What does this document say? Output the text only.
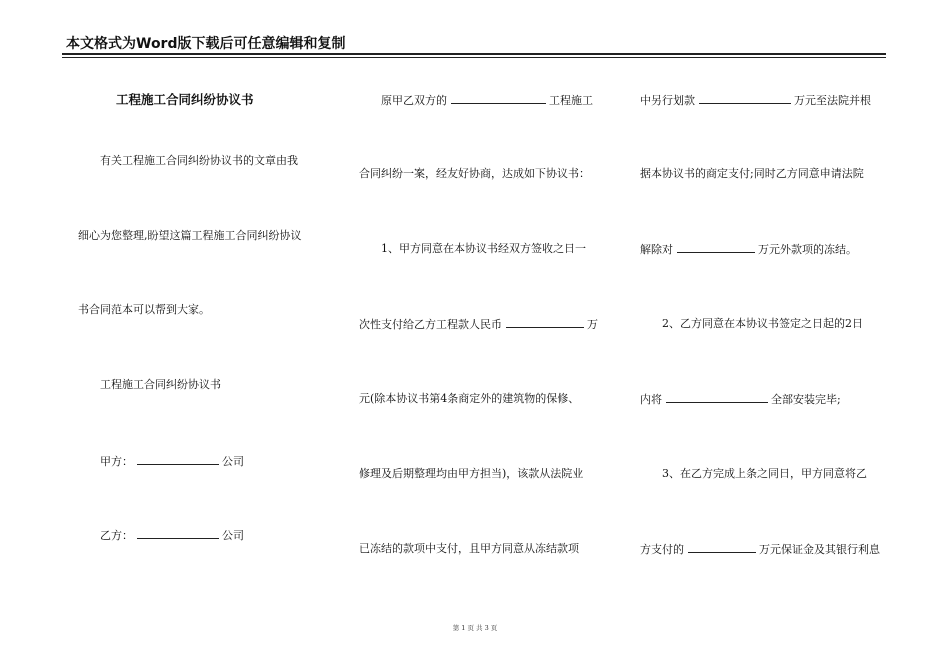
本文格式为Word版下载后可任意编辑和复制
工程施工合同纠纷协议书
有关工程施工合同纠纷协议书的文章由我
细心为您整理,盼望这篇工程施工合同纠纷协议
书合同范本可以帮到大家。
工程施工合同纠纷协议书
甲方：	公司
乙方：	公司
原甲乙双方的	工程施工
合同纠纷一案，经友好协商，达成如下协议书：
1、甲方同意在本协议书经双方签收之日一
次性支付给乙方工程款人民币	万
元(除本协议书第4条商定外的建筑物的保修、
修理及后期整理均由甲方担当)，该款从法院业
已冻结的款项中支付，且甲方同意从冻结款项
中另行划款	万元至法院并根
据本协议书的商定支付;同时乙方同意申请法院
解除对	万元外款项的冻结。
2、乙方同意在本协议书签定之日起的2日
内将	全部安装完毕;
3、在乙方完成上条之同日，甲方同意将乙
方支付的	万元保证金及其银行利息
第 1 页 共 3 页
